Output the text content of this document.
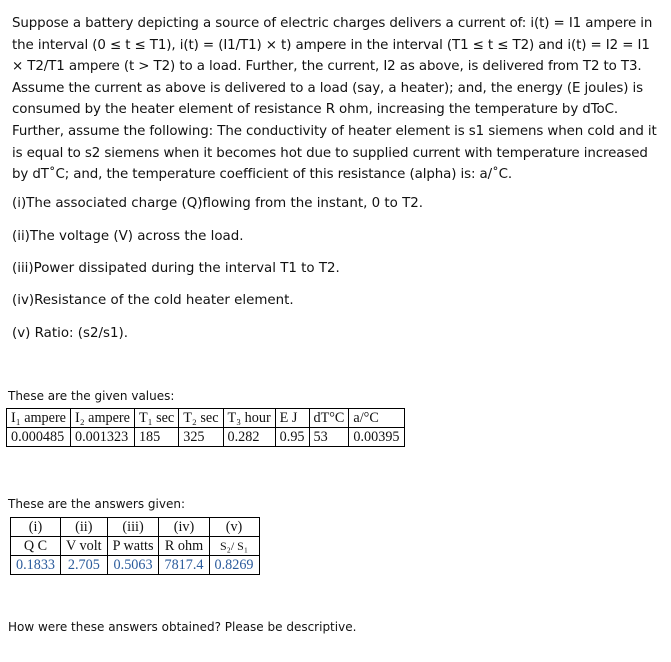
Suppose a battery depicting a source of electric charges delivers a current of: i(t) = I1 ampere in the interval (0 ≤ t ≤ T1), i(t) = (I1/T1) × t) ampere in the interval (T1 ≤ t ≤ T2) and i(t) = I2 = I1 × T2/T1 ampere (t > T2) to a load. Further, the current, I2 as above, is delivered from T2 to T3. Assume the current as above is delivered to a load (say, a heater); and, the energy (E joules) is consumed by the heater element of resistance R ohm, increasing the temperature by dToC. Further, assume the following: The conductivity of heater element is s1 siemens when cold and it is equal to s2 siemens when it becomes hot due to supplied current with temperature increased by dT˚C; and, the temperature coefficient of this resistance (alpha) is: a/˚C.
(i)The associated charge (Q)flowing from the instant, 0 to T2.
(ii)The voltage (V) across the load.
(iii)Power dissipated during the interval T1 to T2.
(iv)Resistance of the cold heater element.
(v) Ratio: (s2/s1).
These are the given values:
I₁ ampere	I₂ ampere	T₁ sec	T₂ sec	T₃ hour	E J	dT°C	a/°C
0.000485	0.001323	185	325	0.282	0.95	53	0.00395
These are the answers given:
(i)	(ii)	(iii)	(iv)	(v)
Q C	V volt	P watts	R ohm	S₂/ S₁
0.1833	2.705	0.5063	7817.4	0.8269
How were these answers obtained? Please be descriptive.
